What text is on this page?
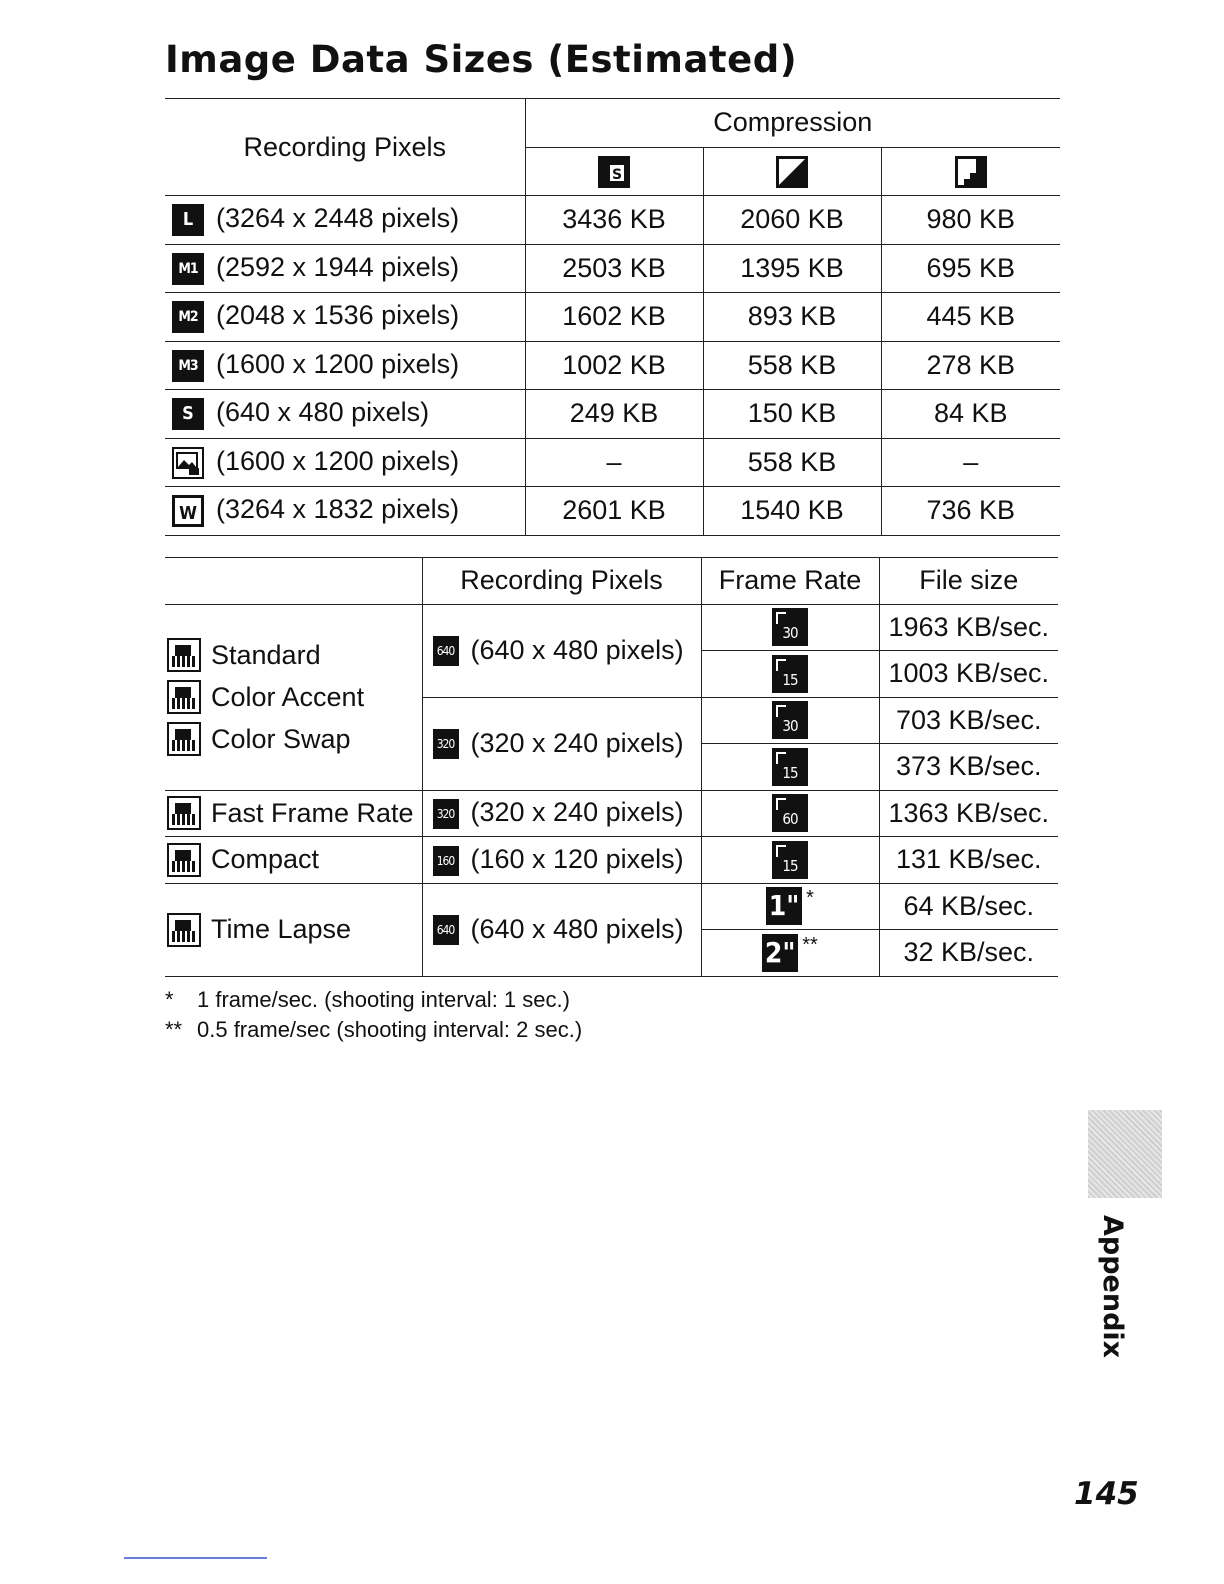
Image Data Sizes (Estimated)
Recording Pixels	Compression		

S

L (3264 x 2448 pixels)	3436 KB	2060 KB	980 KB
M1 (2592 x 1944 pixels)	2503 KB	1395 KB	695 KB
M2 (2048 x 1536 pixels)	1602 KB	893 KB	445 KB
M3 (1600 x 1200 pixels)	1002 KB	558 KB	278 KB
S (640 x 480 pixels)	249 KB	150 KB	84 KB

(1600 x 1200 pixels)	–	558 KB	–
W (3264 x 1832 pixels)	2601 KB	1540 KB	736 KB
	Recording Pixels	Frame Rate	File size

Standard
Color Accent
Color Swap	640 (640 x 480 pixels)	30	1963 KB/sec.
		15	1003 KB/sec.
	320 (320 x 240 pixels)	30	703 KB/sec.
		15	373 KB/sec.

Fast Frame Rate	320 (320 x 240 pixels)	60	1363 KB/sec.

Compact	160 (160 x 120 pixels)	15	131 KB/sec.

Time Lapse	640 (640 x 480 pixels)	1" *	64 KB/sec.
		2" **	32 KB/sec.
*	1 frame/sec. (shooting interval: 1 sec.)
** 0.5 frame/sec (shooting interval: 2 sec.)
Appendix
145
